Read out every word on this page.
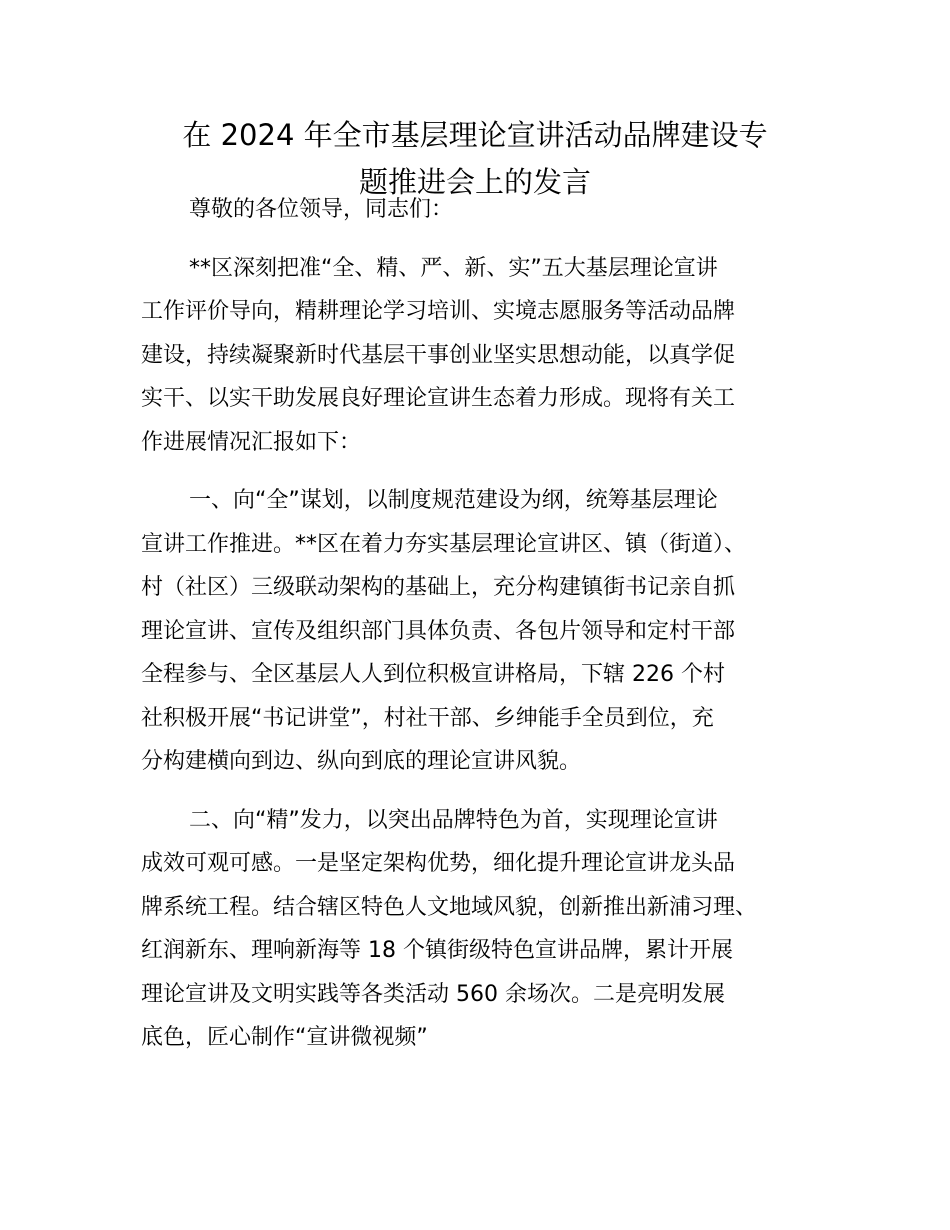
在 2024 年全市基层理论宣讲活动品牌建设专
题推进会上的发言

尊敬的各位领导，同志们：

**区深刻把准“全、精、严、新、实”五大基层理论宣讲
工作评价导向，精耕理论学习培训、实境志愿服务等活动品牌
建设，持续凝聚新时代基层干事创业坚实思想动能，以真学促
实干、以实干助发展良好理论宣讲生态着力形成。现将有关工
作进展情况汇报如下：

一、向“全”谋划，以制度规范建设为纲，统筹基层理论
宣讲工作推进。**区在着力夯实基层理论宣讲区、镇（街道）、
村（社区）三级联动架构的基础上，充分构建镇街书记亲自抓
理论宣讲、宣传及组织部门具体负责、各包片领导和定村干部
全程参与、全区基层人人到位积极宣讲格局，下辖 226 个村
社积极开展“书记讲堂”，村社干部、乡绅能手全员到位，充
分构建横向到边、纵向到底的理论宣讲风貌。

二、向“精”发力，以突出品牌特色为首，实现理论宣讲
成效可观可感。一是坚定架构优势，细化提升理论宣讲龙头品
牌系统工程。结合辖区特色人文地域风貌，创新推出新浦习理、
红润新东、理响新海等 18 个镇街级特色宣讲品牌，累计开展
理论宣讲及文明实践等各类活动 560 余场次。二是亮明发展
底色，匠心制作“宣讲微视频”
